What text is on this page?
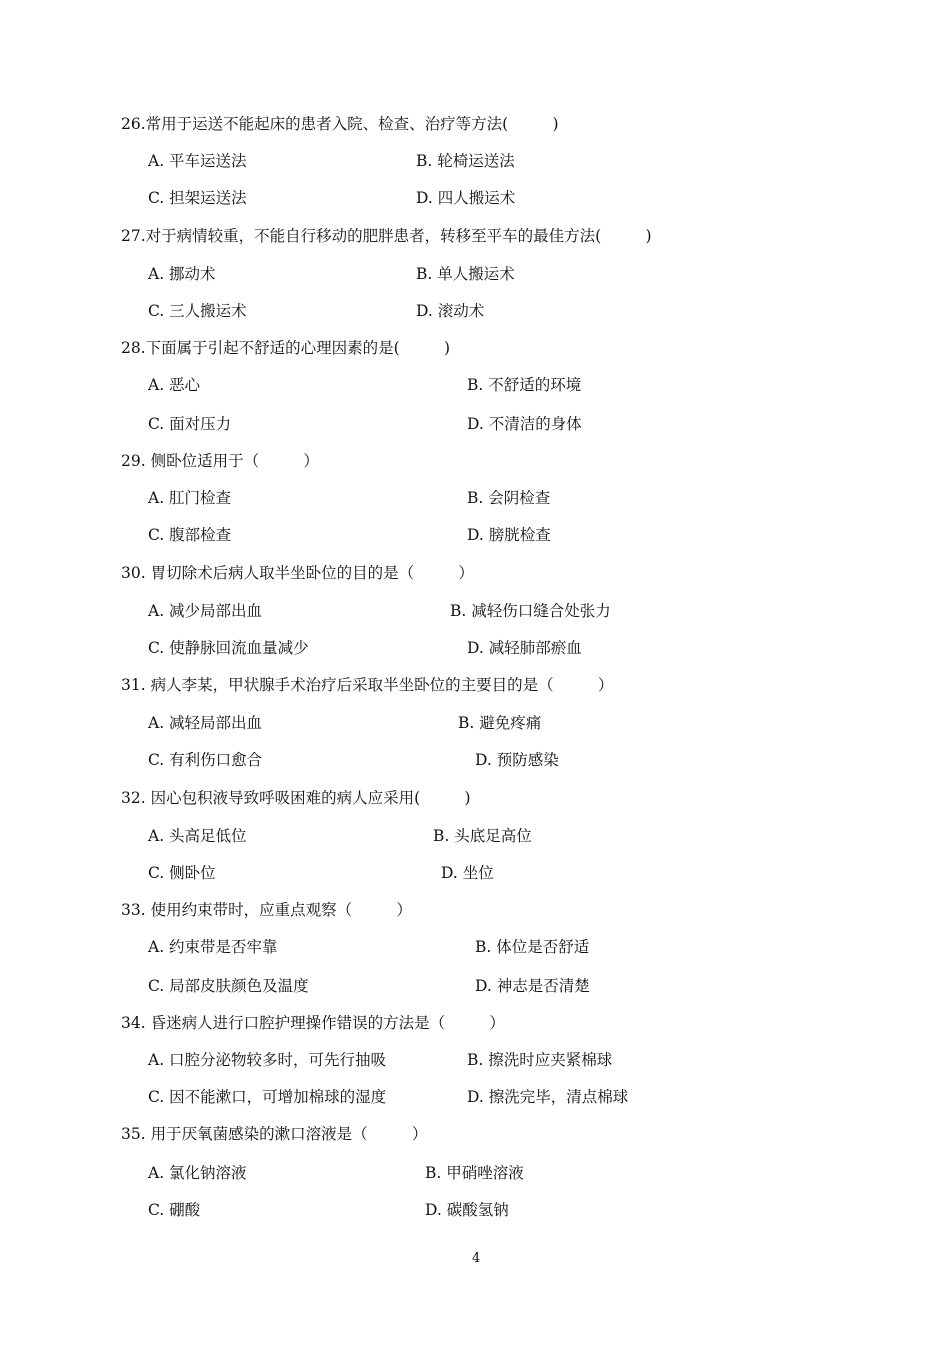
26.常用于运送不能起床的患者入院、检查、治疗等方法(         )
A. 平车运送法	B. 轮椅运送法
C. 担架运送法	D. 四人搬运术
27.对于病情较重，不能自行移动的肥胖患者，转移至平车的最佳方法(         )
A. 挪动术	B. 单人搬运术
C. 三人搬运术	D. 滚动术
28.下面属于引起不舒适的心理因素的是(         )
A. 恶心	B. 不舒适的环境
C. 面对压力	D. 不清洁的身体
29. 侧卧位适用于（         ）
A. 肛门检查	B. 会阴检查
C. 腹部检查	D. 膀胱检查
30. 胃切除术后病人取半坐卧位的目的是（         ）
A. 减少局部出血	B. 减轻伤口缝合处张力
C. 使静脉回流血量减少	D. 减轻肺部瘀血
31. 病人李某，甲状腺手术治疗后采取半坐卧位的主要目的是（         ）
A. 减轻局部出血	B. 避免疼痛
C. 有利伤口愈合	D. 预防感染
32. 因心包积液导致呼吸困难的病人应采用(         )
A. 头高足低位	B. 头底足高位
C. 侧卧位	D. 坐位
33. 使用约束带时，应重点观察（         ）
A. 约束带是否牢靠	B. 体位是否舒适
C. 局部皮肤颜色及温度	D. 神志是否清楚
34. 昏迷病人进行口腔护理操作错误的方法是（         ）
A. 口腔分泌物较多时，可先行抽吸	B. 擦洗时应夹紧棉球
C. 因不能漱口，可增加棉球的湿度	D. 擦洗完毕，清点棉球
35. 用于厌氧菌感染的漱口溶液是（         ）
A. 氯化钠溶液	B. 甲硝唑溶液
C. 硼酸	D. 碳酸氢钠
4
